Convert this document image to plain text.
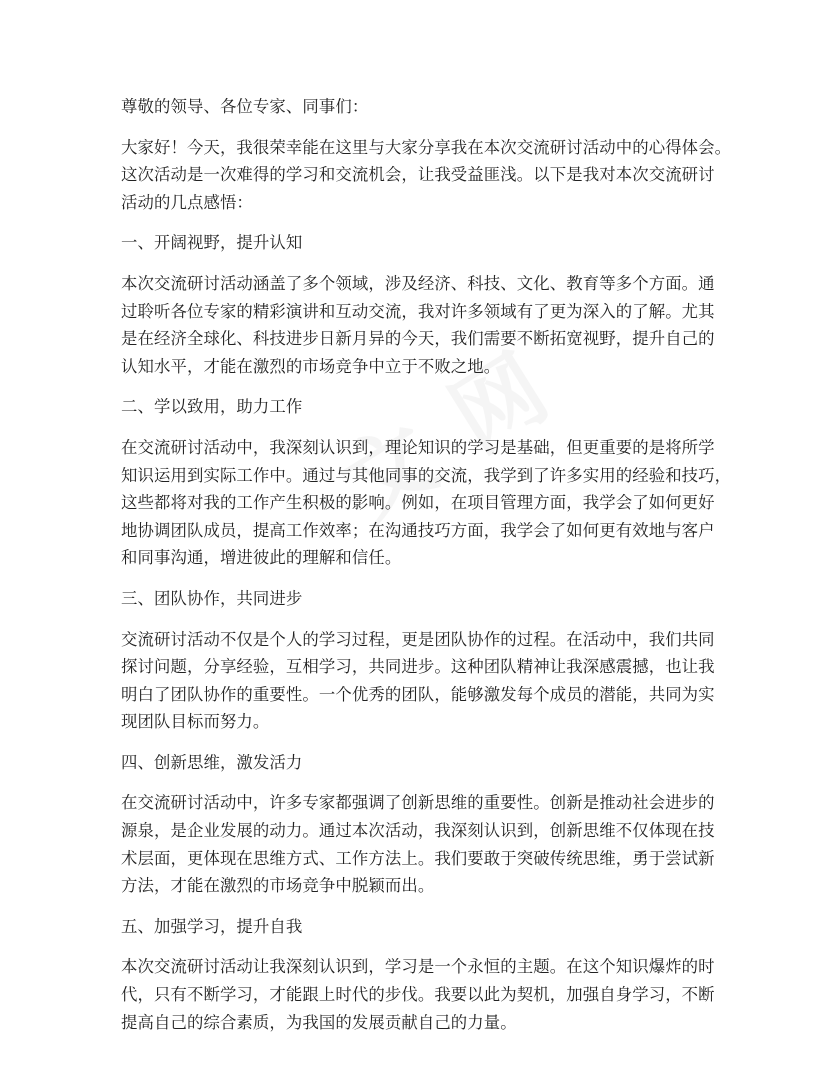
尊敬的领导、各位专家、同事们：
大家好！今天，我很荣幸能在这里与大家分享我在本次交流研讨活动中的心得体会。
这次活动是一次难得的学习和交流机会，让我受益匪浅。以下是我对本次交流研讨
活动的几点感悟：
一、开阔视野，提升认知
本次交流研讨活动涵盖了多个领域，涉及经济、科技、文化、教育等多个方面。通
过聆听各位专家的精彩演讲和互动交流，我对许多领域有了更为深入的了解。尤其
是在经济全球化、科技进步日新月异的今天，我们需要不断拓宽视野，提升自己的
认知水平，才能在激烈的市场竞争中立于不败之地。
二、学以致用，助力工作
在交流研讨活动中，我深刻认识到，理论知识的学习是基础，但更重要的是将所学
知识运用到实际工作中。通过与其他同事的交流，我学到了许多实用的经验和技巧，
这些都将对我的工作产生积极的影响。例如，在项目管理方面，我学会了如何更好
地协调团队成员，提高工作效率；在沟通技巧方面，我学会了如何更有效地与客户
和同事沟通，增进彼此的理解和信任。
三、团队协作，共同进步
交流研讨活动不仅是个人的学习过程，更是团队协作的过程。在活动中，我们共同
探讨问题，分享经验，互相学习，共同进步。这种团队精神让我深感震撼，也让我
明白了团队协作的重要性。一个优秀的团队，能够激发每个成员的潜能，共同为实
现团队目标而努力。
四、创新思维，激发活力
在交流研讨活动中，许多专家都强调了创新思维的重要性。创新是推动社会进步的
源泉，是企业发展的动力。通过本次活动，我深刻认识到，创新思维不仅体现在技
术层面，更体现在思维方式、工作方法上。我们要敢于突破传统思维，勇于尝试新
方法，才能在激烈的市场竞争中脱颖而出。
五、加强学习，提升自我
本次交流研讨活动让我深刻认识到，学习是一个永恒的主题。在这个知识爆炸的时
代，只有不断学习，才能跟上时代的步伐。我要以此为契机，加强自身学习，不断
提高自己的综合素质，为我国的发展贡献自己的力量。
